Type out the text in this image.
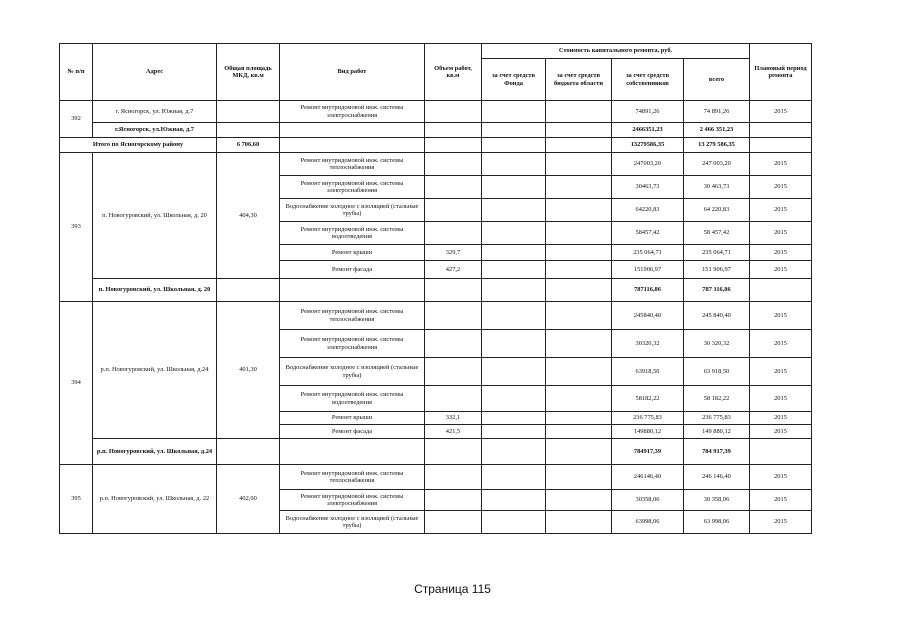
№ п/п	Адрес	Общая площадь МКД, кв.м	Вид работ	Объем работ, кв.м	Стоимость капитального ремонта, руб.				Плановый период ремонта
					за счет средств Фонда	за счет средств бюджета области	за счет средств собственников	всего	
392	г. Ясногорск, ул. Южная, д.7		Ремонт внутридомовой инж. системы электроснабжения				74891,26	74 891,26	2015
	г.Ясногорск, ул.Южная, д.7						2466351,23	2 466 351,23	
Итого по Ясногорскому району		6 706,60					13279586,35	13 279 586,35	
393	п. Новогуровский, ул. Школьная, д. 20	404,30	Ремонт внутридомовой инж. системы теплоснабжения				247003,20	247 003,20	2015
			Ремонт внутридомовой инж. системы электроснабжения				30463,73	30 463,73	2015
			Водоснабжение холодное с изоляцией (стальные трубы)				64220,83	64 220,83	2015
			Ремонт внутридомовой инж. системы водоотведения				58457,42	58 457,42	2015
			Ремонт крыши	329,7			235 064,71	235 064,71	2015
			Ремонт фасада	427,2			151906,97	151 906,97	2015
	п. Новогуровский, ул. Школьная, д. 20						787116,86	787 116,86	
394	р.п. Новогуровский, ул. Школьная, д.24	401,30	Ремонт внутридомовой инж. системы теплоснабжения				245840,40	245 840,40	2015
			Ремонт внутридомовой инж. системы электроснабжения				30320,32	30 320,32	2015
			Водоснабжение холодное с изоляцией (стальные трубы)				63918,50	63 918,50	2015
			Ремонт внутридомовой инж. системы водоотведения				58182,22	58 182,22	2015
			Ремонт крыши	332,1			236 775,83	236 775,83	2015
			Ремонт фасада	421,5			149880,12	149 880,12	2015
	р.п. Новогуровский, ул. Школьная, д.24						784917,39	784 917,39	
395	р.п. Новогуровский, ул. Школьная, д. 22	402,00	Ремонт внутридомовой инж. системы теплоснабжения				246146,40	246 146,40	2015
			Ремонт внутридомовой инж. системы электроснабжения				30358,06	30 358,06	2015
			Водоснабжение холодное с изоляцией (стальные трубы)				63998,06	63 998,06	2015
Страница 115
